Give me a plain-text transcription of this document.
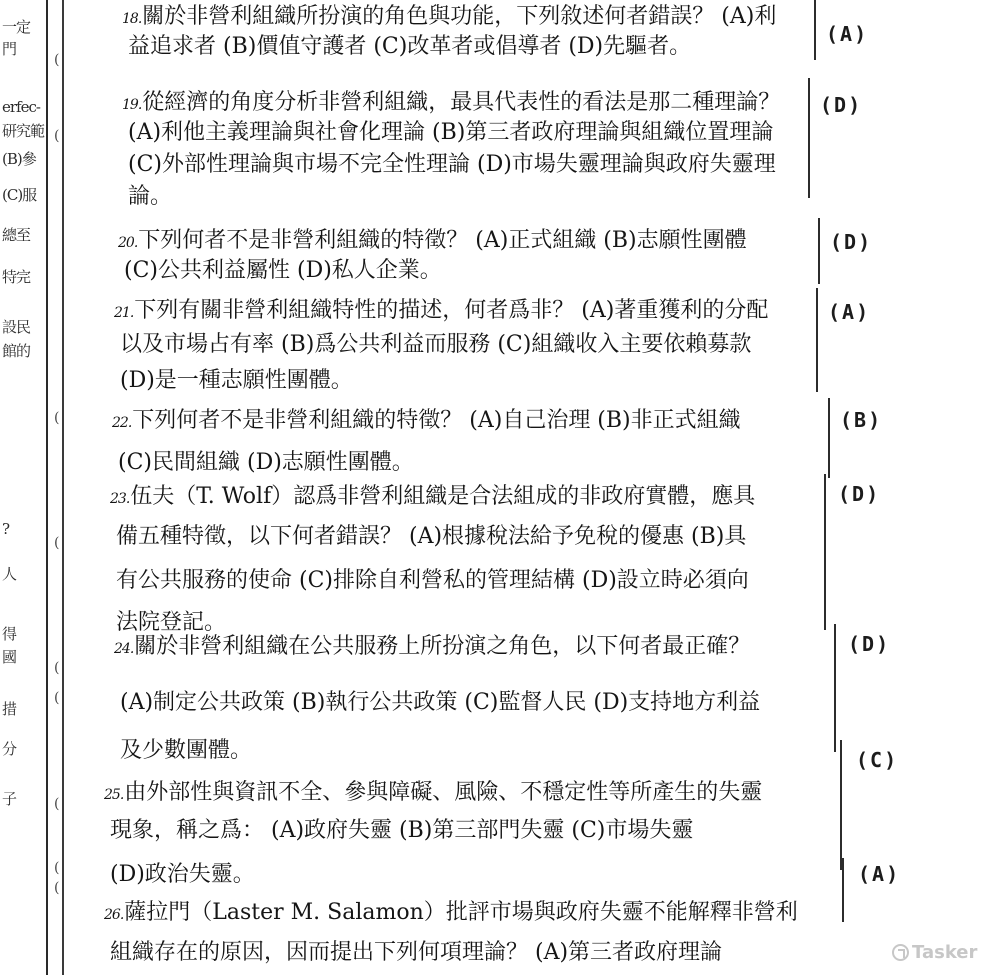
一定
門
erfec-
研究範
(B)參
(C)服
總至
特完
設民
館的
?
人
得
國
措
分
子
(
(
(
(
(
(
(
(
(
18.關於非營利組織所扮演的角色與功能，下列敘述何者錯誤？ (A)利
益追求者 (B)價值守護者 (C)改革者或倡導者 (D)先驅者。
19.從經濟的角度分析非營利組織，最具代表性的看法是那二種理論？
(A)利他主義理論與社會化理論 (B)第三者政府理論與組織位置理論
(C)外部性理論與市場不完全性理論 (D)市場失靈理論與政府失靈理
論。
20.下列何者不是非營利組織的特徵？ (A)正式組織 (B)志願性團體
(C)公共利益屬性 (D)私人企業。
21.下列有關非營利組織特性的描述，何者爲非？ (A)著重獲利的分配
以及市場占有率 (B)爲公共利益而服務 (C)組織收入主要依賴募款
(D)是一種志願性團體。
22.下列何者不是非營利組織的特徵？ (A)自己治理 (B)非正式組織
(C)民間組織 (D)志願性團體。
23.伍夫（T. Wolf）認爲非營利組織是合法組成的非政府實體，應具
備五種特徵，以下何者錯誤？ (A)根據稅法給予免稅的優惠 (B)具
有公共服務的使命 (C)排除自利營私的管理結構 (D)設立時必須向
法院登記。
24.關於非營利組織在公共服務上所扮演之角色，以下何者最正確？
(A)制定公共政策 (B)執行公共政策 (C)監督人民 (D)支持地方利益
及少數團體。
25.由外部性與資訊不全、參與障礙、風險、不穩定性等所產生的失靈
現象，稱之爲： (A)政府失靈 (B)第三部門失靈 (C)市場失靈
(D)政治失靈。
26.薩拉門（Laster M. Salamon）批評市場與政府失靈不能解釋非營利
組織存在的原因，因而提出下列何項理論？ (A)第三者政府理論
(A)
(D)
(D)
(A)
(B)
(D)
(D)
(C)
(A)
Tasker
